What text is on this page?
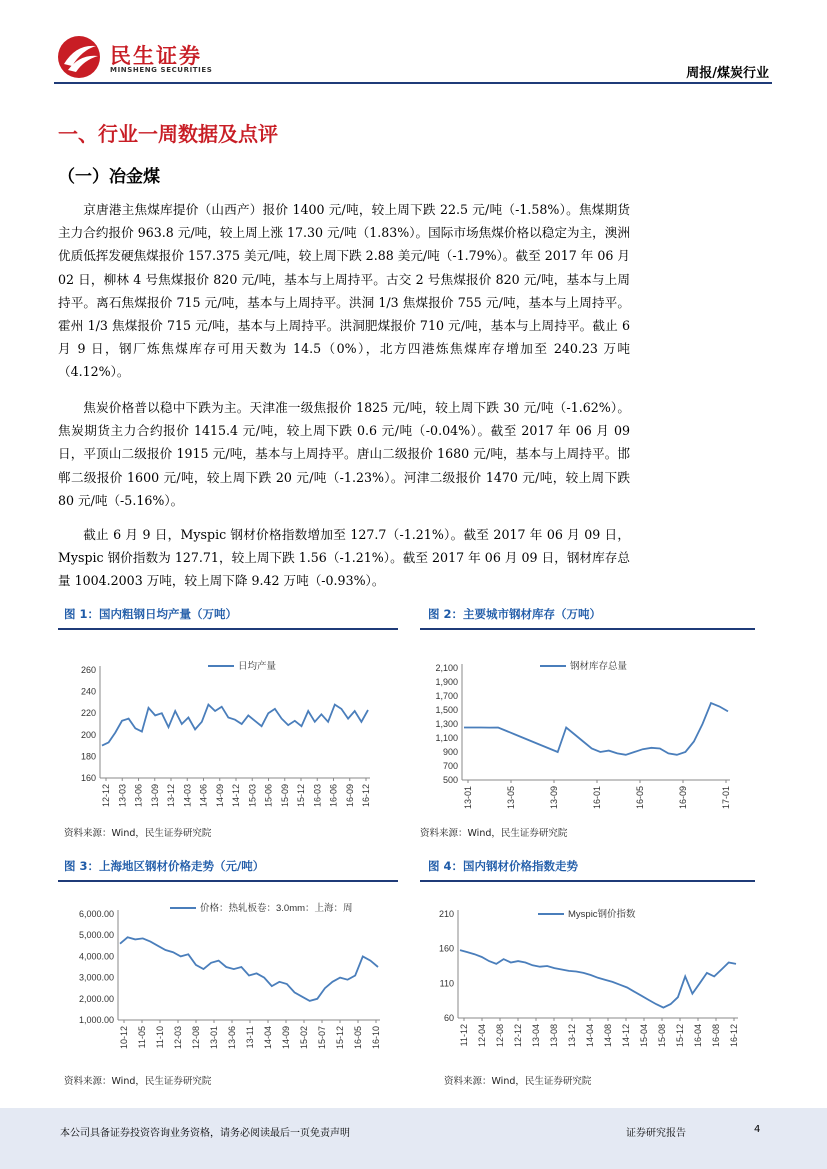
民生证券
MINSHENG SECURITIES	周报/煤炭行业
一、行业一周数据及点评
（一）冶金煤
京唐港主焦煤库提价（山西产）报价 1400 元/吨，较上周下跌 22.5 元/吨（-1.58%）。焦煤期货主力合约报价 963.8 元/吨，较上周上涨 17.30 元/吨（1.83%）。国际市场焦煤价格以稳定为主，澳洲优质低挥发硬焦煤报价 157.375 美元/吨，较上周下跌 2.88 美元/吨（-1.79%）。截至 2017 年 06 月 02 日，柳林 4 号焦煤报价 820 元/吨，基本与上周持平。古交 2 号焦煤报价 820 元/吨，基本与上周持平。离石焦煤报价 715 元/吨，基本与上周持平。洪洞 1/3 焦煤报价 755 元/吨，基本与上周持平。霍州 1/3 焦煤报价 715 元/吨，基本与上周持平。洪洞肥煤报价 710 元/吨，基本与上周持平。截止 6 月 9 日，钢厂炼焦煤库存可用天数为 14.5（0%），北方四港炼焦煤库存增加至 240.23 万吨（4.12%）。
焦炭价格普以稳中下跌为主。天津准一级焦报价 1825 元/吨，较上周下跌 30 元/吨（-1.62%）。焦炭期货主力合约报价 1415.4 元/吨，较上周下跌 0.6 元/吨（-0.04%）。截至 2017 年 06 月 09 日，平顶山二级报价 1915 元/吨，基本与上周持平。唐山二级报价 1680 元/吨，基本与上周持平。邯郸二级报价 1600 元/吨，较上周下跌 20 元/吨（-1.23%）。河津二级报价 1470 元/吨，较上周下跌 80 元/吨（-5.16%）。
截止 6 月 9 日，Myspic 钢材价格指数增加至 127.7（-1.21%）。截至 2017 年 06 月 09 日，Myspic 钢价指数为 127.71，较上周下跌 1.56（-1.21%）。截至 2017 年 06 月 09 日，钢材库存总量 1004.2003 万吨，较上周下降 9.42 万吨（-0.93%）。
图 1：国内粗钢日均产量（万吨）	图 2：主要城市钢材库存（万吨）
260
240
220
200
180
160
12-12 13-03 13-06 13-09 13-12 14-03 14-06 14-09 14-12 15-03 15-06 15-09 15-12 16-03 16-06 16-09 16-12
日均产量
资料来源：Wind，民生证券研究院
2,100
1,900
1,700
1,500
1,300
1,100
900
700
500
13-01	13-05	13-09	16-01	16-05	16-09	17-01
钢材库存总量
资料来源：Wind，民生证券研究院
图 3：上海地区钢材价格走势（元/吨）	图 4：国内钢材价格指数走势
6,000.00
5,000.00
4,000.00
3,000.00
2,000.00
1,000.00
10-12 11-05 11-10 12-03 12-08 13-01 13-06 13-11 14-04 14-09 15-02 15-07 15-12 16-05 16-10
价格：热轧板卷：3.0mm：上海：周
资料来源：Wind，民生证券研究院
210
160
110
60
11-12 12-04 12-08 12-12 13-04 13-08 13-12 14-04 14-08 14-12 15-04 15-08 15-12 16-04 16-08 16-12
Myspic钢价指数
资料来源：Wind，民生证券研究院
本公司具备证券投资咨询业务资格，请务必阅读最后一页免责声明	证券研究报告	4
